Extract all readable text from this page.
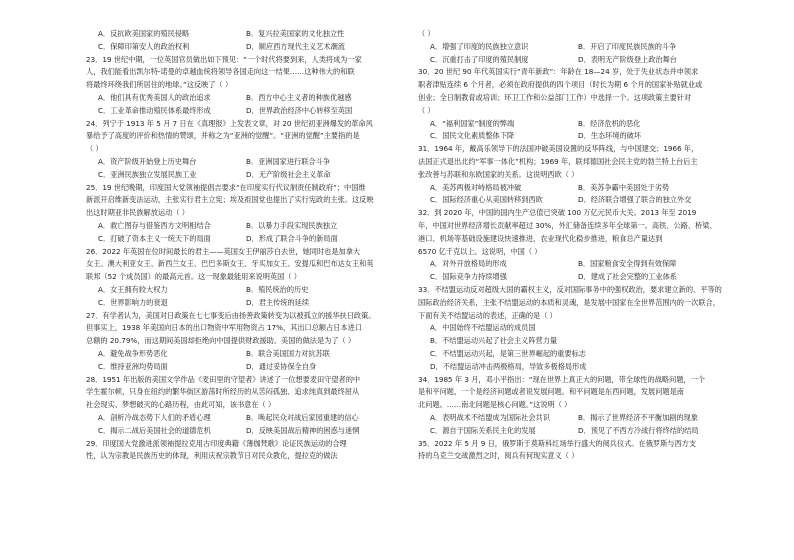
A．反抗欧美国家的殖民侵略	B．复兴拉美国家的文化独立性
C．保障印第安人的政治权利	D．顺应西方现代主义艺术潮流
23．19 世纪中期，一位英国官员做出如下预见：“一个时代将要到来，人类将成为一家
人，我们能看出凯尔特-诺曼的卓越血统将领导各国走向这一结果……这种伟大的和联
将最终环绕我们所居住的地球。”这反映了（ ）
A．他们具有优秀美国人的政治追求	B．西方中心主义者的种族优越感
C．工业革命推动殖民体系最终形成	D．世界政治经济中心转移至英国
24．列宁于 1913 年 5 月 7 日在《真理报》上发表文章，对 20 世纪初亚洲爆发的革命风
暴给予了高度的评价和热情的赞颂，并称之为“亚洲的觉醒”。“亚洲的觉醒”主要指的是
（ ）
A．资产阶级开始登上历史舞台	B．亚洲国家进行联合斗争
C．亚洲民族独立发展民族工业	D．无产阶级社会主义革命
25．19 世纪晚期，印度国大党领袖提倡吉要求“在印度实行代议制责任制政府”；中国维
新派开启维新变法运动，主张实行君主立宪；埃及祖国党也提出了实行宪政的主张。这反映
出这时期亚非民族解放运动（ ）
A．救亡图存与借鉴西方文明相结合	B．以暴力手段实现民族独立
C．打破了资本主义一统天下的局面	D．形成了联合斗争的新局面
26．2022 年英国在位时间最长的君主——英国女王伊丽莎白去世，她同时也是加拿大
女王、澳大利亚女王、新西兰女王、巴巴多斯女王、牙买加女王、安提瓜和巴布达女王和英
联邦（52 个成员国）的最高元首。这一现象最能用来说明英国（ ）
A．女王拥有较大权力	B．殖民统治的历史
C．世界影响力的衰退	D．君主传统的延续
27．有学者认为，美国对日政策在七七事变后由扬善政策转变为以被孤立的援华扶日政策。
但事实上，1938 年美国向日本的出口物资中军用物资占 17%，其出口总额占日本进口
总额的 20.79%，而这期间美国却拒绝向中国提供财政援助。美国的做法是为了（ ）
A．避免战争形势恶化	B．联合美国国力对抗苏联
C．维持亚洲均势局面	D．通过妥协保全自身
28．1951 年出版的美国文学作品《麦田里的守望者》讲述了一位想要麦田守望者的中
学生霍尔顿，只身在纽约的繁华街区游荡时所经历的从苦闷孤独、追求纯真到最终屈从
社会现实、梦想破灭的心路历程，由此可知，该书意在（ ）
A．剖析冷战态势下人们的矛盾心理	B．唤起民众对战后家园重建的信心
C．揭示二战后美国社会的道德危机	D．反映美国战后精神的困惑与迷惘
29．印度国大党激进派领袖提拉克用古印度典籍《薄伽梵歌》论证民族运动的合理
性，认为宗教是民族历史的体现，利用庆祝宗教节日对民众教化，提拉克的做法
（ ）
A．增强了印度的民族独立意识	B．开启了印度民族民族的斗争
C．沉重打击了印度的殖民制度	D．表明无产阶级登上政治舞台
30．20 世纪 90 年代英国实行“青年新政”：年龄在 18—24 岁，处于失业状态并申领求
职者津贴连续 6 个月者，必须在政府提供的四个项目（时长为期 6 个月的国家补贴就业或
创业；全日制教育或培训；环卫工作和公益部门工作）中选择一个。这项政策主要针对
（ ）
A．“福利国家”制度的弊端	B．经济危机的恶化
C．国民文化素质整体下降	D．生态环境的破坏
31．1964 年，戴高乐领导下的法国冲破美国设置的反华阵线，与中国建交；1966 年，
法国正式退出北约“军事一体化”机构；1969 年，联邦德国社会民主党的勃兰特上台后主
张改善与苏联和东欧国家的关系。这说明西欧（ ）
A．美苏两极对峙格局被冲破	B．美苏争霸中美国处于劣势
C．国际经济重心从美国转移到西欧	D．经济联合增强了联合的独立外交
32．到 2020 年，中国的国内生产总值已突破 100 万亿元民币大关。2013 年至 2019
年，中国对世界经济增长贡献率超过 30%，外汇储备连续多年全球第一。高铁、公路、桥梁、
港口、机场等基础设施建设快速推进，农业现代化稳步推进，粮食总产量达到
6570 亿千克以上。这说明，中国（ ）
A．对外开放格局的形成	B．国家粮食安全得到有效保障
C．国际竞争力持续增强	D．建成了社会完整的工业体系
33．不结盟运动反对超级大国的霸权主义，反对国际事务中的强权政治，要求建立新的、平等的
国际政治经济关系，主张不结盟运动的本质和灵魂，是发展中国家在全世界范围内的一次联合，
下面有关不结盟运动的表述，正确的是（ ）
A．中国始终不结盟运动的成员国
B．不结盟运动兴起了社会主义阵营力量
C．不结盟运动兴起，是第三世界崛起的重要标志
D．不结盟运动冲击两极格局，导致多极格局形成
34．1985 年 3 月，邓小平指出：“现在世界上真正大的问题，带全球性的战略问题，一个
是和平问题，一个是经济问题或者说发展问题。和平问题是东西问题，发展问题是南
北问题。……南北问题是核心问题。”这说明（ ）
A．表明战术不结盟成为国际社会共识	B．揭示了世界经济不平衡加剧的现象
C．源自于国际关系民主化的发展	D．预见了不西方冷战行将终结的结局
35．2022 年 5 月 9 日，俄罗斯于莫斯科红场举行盛大的阅兵仪式。在俄罗斯与西方支
持的乌克兰交战激烈之时，阅兵有何现实意义（ ）
